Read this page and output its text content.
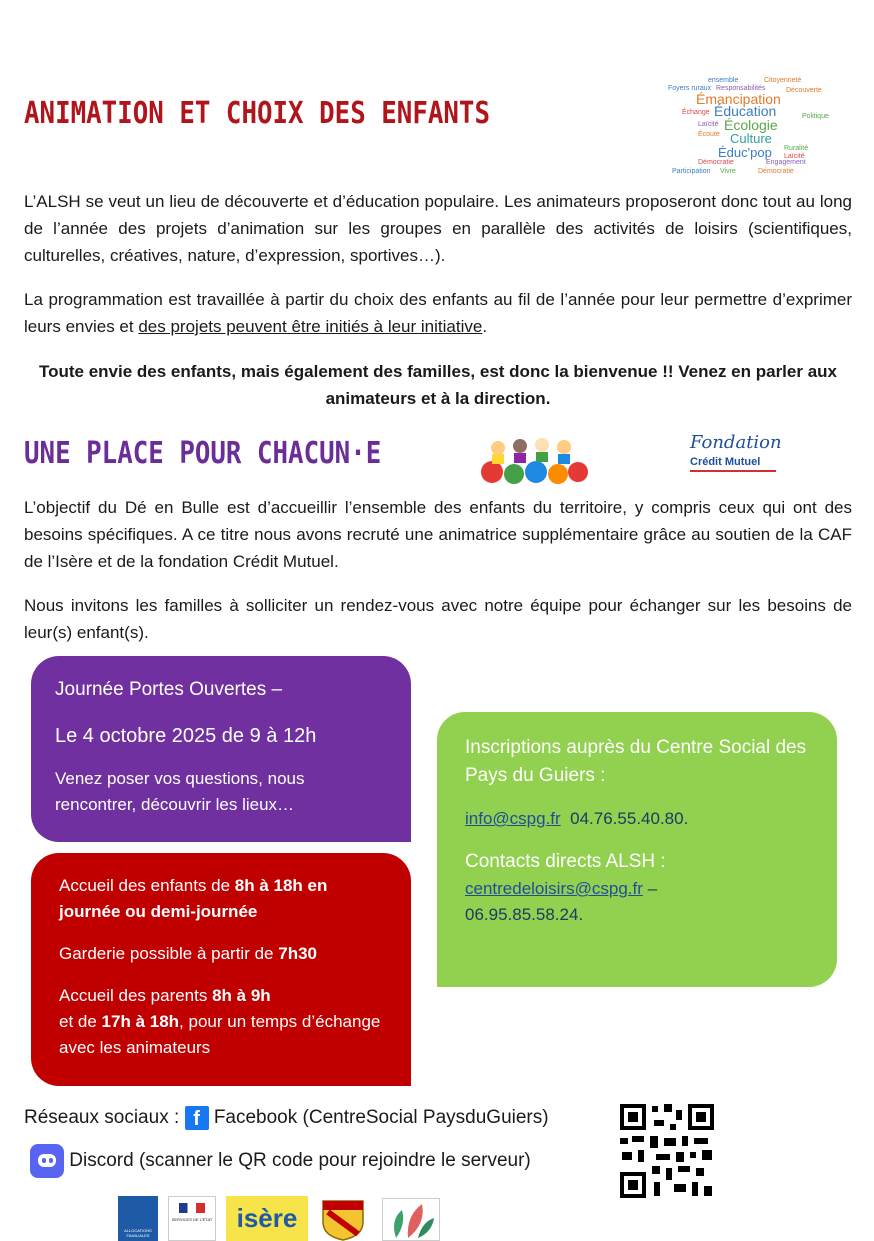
ANIMATION ET CHOIX DES ENFANTS
ensemble	Citoyenneté
Foyers ruraux Responsabilités	Découverte
Émancipation
Échange Éducation	Politique
Laïcité Écologie
Écoute Culture
Éduc'pop Ruralité
Laïcité
Démocratie	Engagement
Participation Vivre	Démocratie
L’ALSH se veut un lieu de découverte et d’éducation populaire. Les animateurs proposeront donc tout au long de l’année des projets d’animation sur les groupes en parallèle des activités de loisirs (scientifiques, culturelles, créatives, nature, d’expression, sportives…).
La programmation est travaillée à partir du choix des enfants au fil de l’année pour leur permettre d’exprimer leurs envies et des projets peuvent être initiés à leur initiative.
Toute envie des enfants, mais également des familles, est donc la bienvenue !! Venez en parler aux animateurs et à la direction.
UNE PLACE POUR CHACUN·E	Fondation
Crédit Mutuel
L’objectif du Dé en Bulle est d’accueillir l’ensemble des enfants du territoire, y compris ceux qui ont des besoins spécifiques. A ce titre nous avons recruté une animatrice supplémentaire grâce au soutien de la CAF de l’Isère et de la fondation Crédit Mutuel.
Nous invitons les familles à solliciter un rendez-vous avec notre équipe pour échanger sur les besoins de leur(s) enfant(s).
Journée Portes Ouvertes –
Le 4 octobre 2025 de 9 à 12h
Venez poser vos questions, nous rencontrer, découvrir les lieux…
Accueil des enfants de 8h à 18h en journée ou demi-journée
Garderie possible à partir de 7h30
Accueil des parents 8h à 9h
et de 17h à 18h, pour un temps d’échange avec les animateurs
Inscriptions auprès du Centre Social des Pays du Guiers :
info@cspg.fr 04.76.55.40.80.
Contacts directs ALSH :
centredeloisirs@cspg.fr –
06.95.85.58.24.
Réseaux sociaux : f Facebook (CentreSocial PaysduGuiers)
Discord (scanner le QR code pour rejoindre le serveur)
ALLOCATIONS FAMILIALES
SERVICES DE L'ÉTAT isère
